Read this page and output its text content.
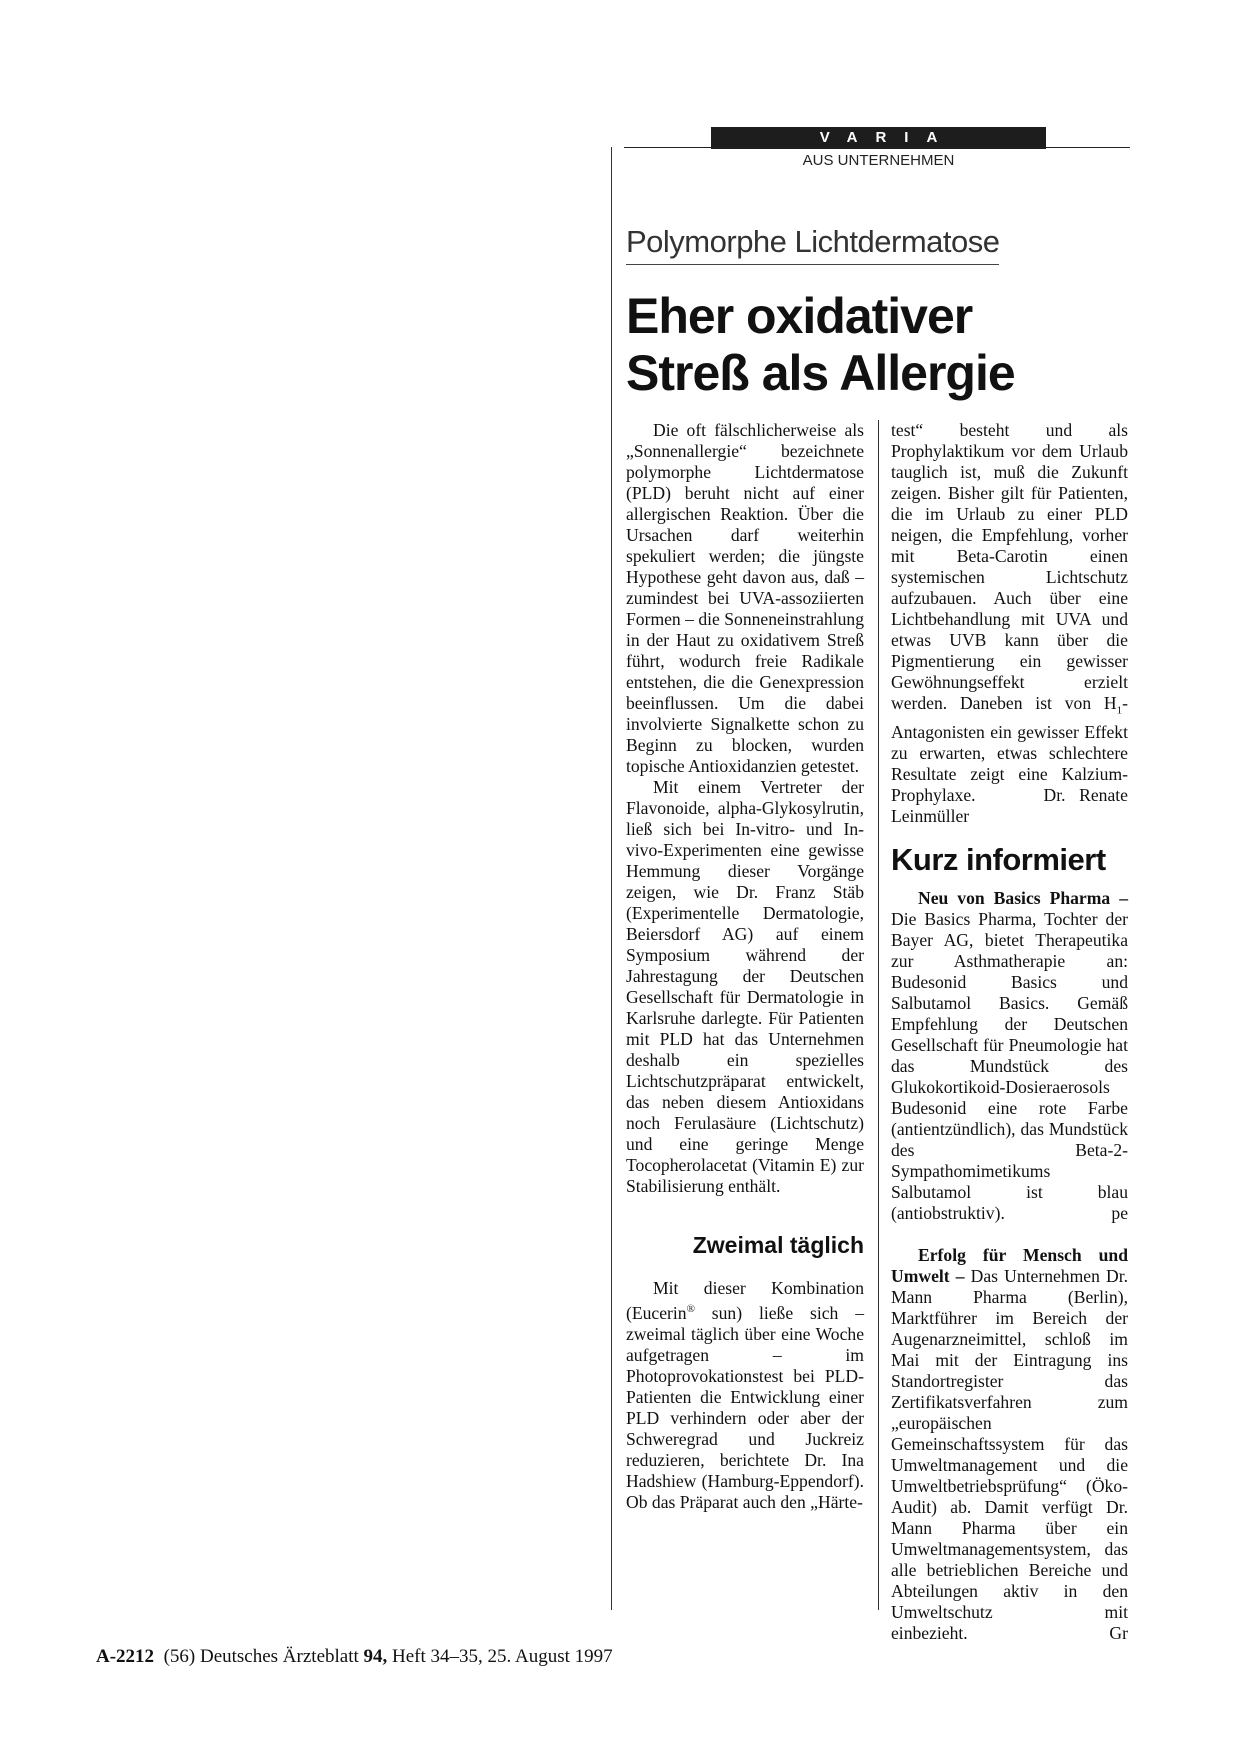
VARIA
AUS UNTERNEHMEN
Polymorphe Lichtdermatose
Eher oxidativer
Streß als Allergie

Die oft fälschlicherweise als „Sonnenallergie“ bezeichnete polymorphe Lichtdermatose (PLD) beruht nicht auf einer allergischen Reaktion. Über die Ursachen darf weiterhin spekuliert werden; die jüngste Hypothese geht davon aus, daß – zumindest bei UVA-assoziierten Formen – die Sonneneinstrahlung in der Haut zu oxidativem Streß führt, wodurch freie Radikale entstehen, die die Genexpression beeinflussen. Um die dabei involvierte Signalkette schon zu Beginn zu blocken, wurden topische Antioxidanzien getestet.

Mit einem Vertreter der Flavonoide, alpha-Glykosylrutin, ließ sich bei In-vitro- und In-vivo-Experimenten eine gewisse Hemmung dieser Vorgänge zeigen, wie Dr. Franz Stäb (Experimentelle Dermatologie, Beiersdorf AG) auf einem Symposium während der Jahrestagung der Deutschen Gesellschaft für Dermatologie in Karlsruhe darlegte. Für Patienten mit PLD hat das Unternehmen deshalb ein spezielles Lichtschutzpräparat entwickelt, das neben diesem Antioxidans noch Ferulasäure (Lichtschutz) und eine geringe Menge Tocopherolacetat (Vitamin E) zur Stabilisierung enthält.

Zweimal täglich

Mit dieser Kombination (Eucerin® sun) ließe sich – zweimal täglich über eine Woche aufgetragen – im Photoprovokationstest bei PLD-Patienten die Entwicklung einer PLD verhindern oder aber der Schweregrad und Juckreiz reduzieren, berichtete Dr. Ina Hadshiew (Hamburg-Eppendorf). Ob das Präparat auch den „Härte-

test“ besteht und als Prophylaktikum vor dem Urlaub tauglich ist, muß die Zukunft zeigen. Bisher gilt für Patienten, die im Urlaub zu einer PLD neigen, die Empfehlung, vorher mit Beta-Carotin einen systemischen Lichtschutz aufzubauen. Auch über eine Lichtbehandlung mit UVA und etwas UVB kann über die Pigmentierung ein gewisser Gewöhnungseffekt erzielt werden. Daneben ist von $H_1$-Antagonisten ein gewisser Effekt zu erwarten, etwas schlechtere Resultate zeigt eine Kalzium-Prophylaxe.	Dr. Renate Leinmüller

Kurz informiert

Neu von Basics Pharma – Die Basics Pharma, Tochter der Bayer AG, bietet Therapeutika zur Asthmatherapie an: Budesonid Basics und Salbutamol Basics. Gemäß Empfehlung der Deutschen Gesellschaft für Pneumologie hat das Mundstück des Glukokortikoid-Dosieraerosols Budesonid eine rote Farbe (antientzündlich), das Mundstück des Beta-2-Sympathomimetikums Salbutamol ist blau (antiobstruktiv).	pe

Erfolg für Mensch und Umwelt – Das Unternehmen Dr. Mann Pharma (Berlin), Marktführer im Bereich der Augenarzneimittel, schloß im Mai mit der Eintragung ins Standortregister das Zertifikatsverfahren zum „europäischen Gemeinschaftssystem für das Umweltmanagement und die Umweltbetriebsprüfung“ (Öko-Audit) ab. Damit verfügt Dr. Mann Pharma über ein Umweltmanagementsystem, das alle betrieblichen Bereiche und Abteilungen aktiv in den Umweltschutz mit einbezieht.	Gr

A-2212 (56) Deutsches Ärzteblatt 94, Heft 34–35, 25. August 1997
